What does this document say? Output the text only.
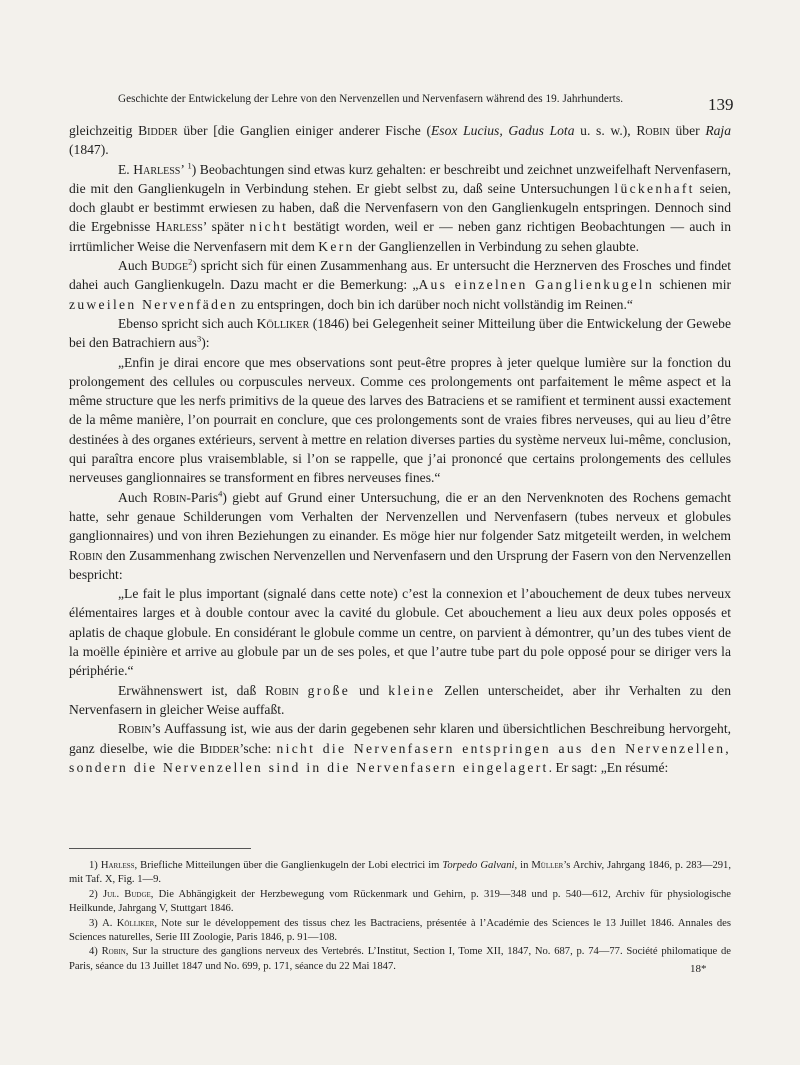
Geschichte der Entwickelung der Lehre von den Nervenzellen und Nervenfasern während des 19. Jahrhunderts.	139

gleichzeitig Bidder über [die Ganglien einiger anderer Fische (Esox Lucius, Gadus Lota u. s. w.), Robin über Raja (1847).

E. Harless’ $^1$) Beobachtungen sind etwas kurz gehalten: er beschreibt und zeichnet unzweifelhaft Nervenfasern, die mit den Ganglienkugeln in Verbindung stehen. Er giebt selbst zu, daß seine Untersuchungen lückenhaft seien, doch glaubt er bestimmt erwiesen zu haben, daß die Nervenfasern von den Ganglienkugeln entspringen. Dennoch sind die Ergebnisse Harless’ später nicht bestätigt worden, weil er — neben ganz richtigen Beobachtungen — auch in irrtümlicher Weise die Nervenfasern mit dem Kern der Ganglienzellen in Verbindung zu sehen glaubte.

Auch Budge$^2$) spricht sich für einen Zusammenhang aus. Er untersucht die Herznerven des Frosches und findet dahei auch Ganglienkugeln. Dazu macht er die Bemerkung: „Aus einzelnen Ganglienkugeln schienen mir zuweilen Nervenfäden zu entspringen, doch bin ich darüber noch nicht vollständig im Reinen.“

Ebenso spricht sich auch Kölliker (1846) bei Gelegenheit seiner Mitteilung über die Entwickelung der Gewebe bei den Batrachiern aus$^3$):

„Enfin je dirai encore que mes observations sont peut-être propres à jeter quelque lumière sur la fonction du prolongement des cellules ou corpuscules nerveux. Comme ces prolongements ont parfaitement le même aspect et la même structure que les nerfs primitivs de la queue des larves des Batraciens et se ramifient et terminent aussi exactement de la même manière, l’on pourrait en conclure, que ces prolongements sont de vraies fibres nerveuses, qui au lieu d’être destinées à des organes extérieurs, servent à mettre en relation diverses parties du système nerveux lui-même, conclusion, qui paraîtra encore plus vraisemblable, si l’on se rappelle, que j’ai prononcé que certains prolongements des cellules nerveuses ganglionnaires se transforment en fibres nerveuses fines.“

Auch Robin-Paris$^4$) giebt auf Grund einer Untersuchung, die er an den Nervenknoten des Rochens gemacht hatte, sehr genaue Schilderungen vom Verhalten der Nervenzellen und Nervenfasern (tubes nerveux et globules ganglionnaires) und von ihren Beziehungen zu einander. Es möge hier nur folgender Satz mitgeteilt werden, in welchem Robin den Zusammenhang zwischen Nervenzellen und Nervenfasern und den Ursprung der Fasern von den Nervenzellen bespricht:

„Le fait le plus important (signalé dans cette note) c’est la connexion et l’abouchement de deux tubes nerveux élémentaires larges et à double contour avec la cavité du globule. Cet abouchement a lieu aux deux poles opposés et aplatis de chaque globule. En considérant le globule comme un centre, on parvient à démontrer, qu’un des tubes vient de la moëlle épinière et arrive au globule par un de ses poles, et que l’autre tube part du pole opposé pour se diriger vers la périphérie.“

Erwähnenswert ist, daß Robin große und kleine Zellen unterscheidet, aber ihr Verhalten zu den Nervenfasern in gleicher Weise auffaßt.

Robin’s Auffassung ist, wie aus der darin gegebenen sehr klaren und übersichtlichen Beschreibung hervorgeht, ganz dieselbe, wie die Bidder’sche: nicht die Nervenfasern entspringen aus den Nervenzellen, sondern die Nervenzellen sind in die Nervenfasern eingelagert. Er sagt: „En résumé:

1) Harless, Briefliche Mitteilungen über die Ganglienkugeln der Lobi electrici im Torpedo Galvani, in Müller’s Archiv, Jahrgang 1846, p. 283—291, mit Taf. X, Fig. 1—9.

2) Jul. Budge, Die Abhängigkeit der Herzbewegung vom Rückenmark und Gehirn, p. 319—348 und p. 540—612, Archiv für physiologische Heilkunde, Jahrgang V, Stuttgart 1846.

3) A. Kölliker, Note sur le développement des tissus chez les Bactraciens, présentée à l’Académie des Sciences le 13 Juillet 1846. Annales des Sciences naturelles, Serie III Zoologie, Paris 1846, p. 91—108.

4) Robin, Sur la structure des ganglions nerveux des Vertebrés. L’Institut, Section I, Tome XII, 1847, No. 687, p. 74—77. Société philomatique de Paris, séance du 13 Juillet 1847 und No. 699, p. 171, séance du 22 Mai 1847.	18*
